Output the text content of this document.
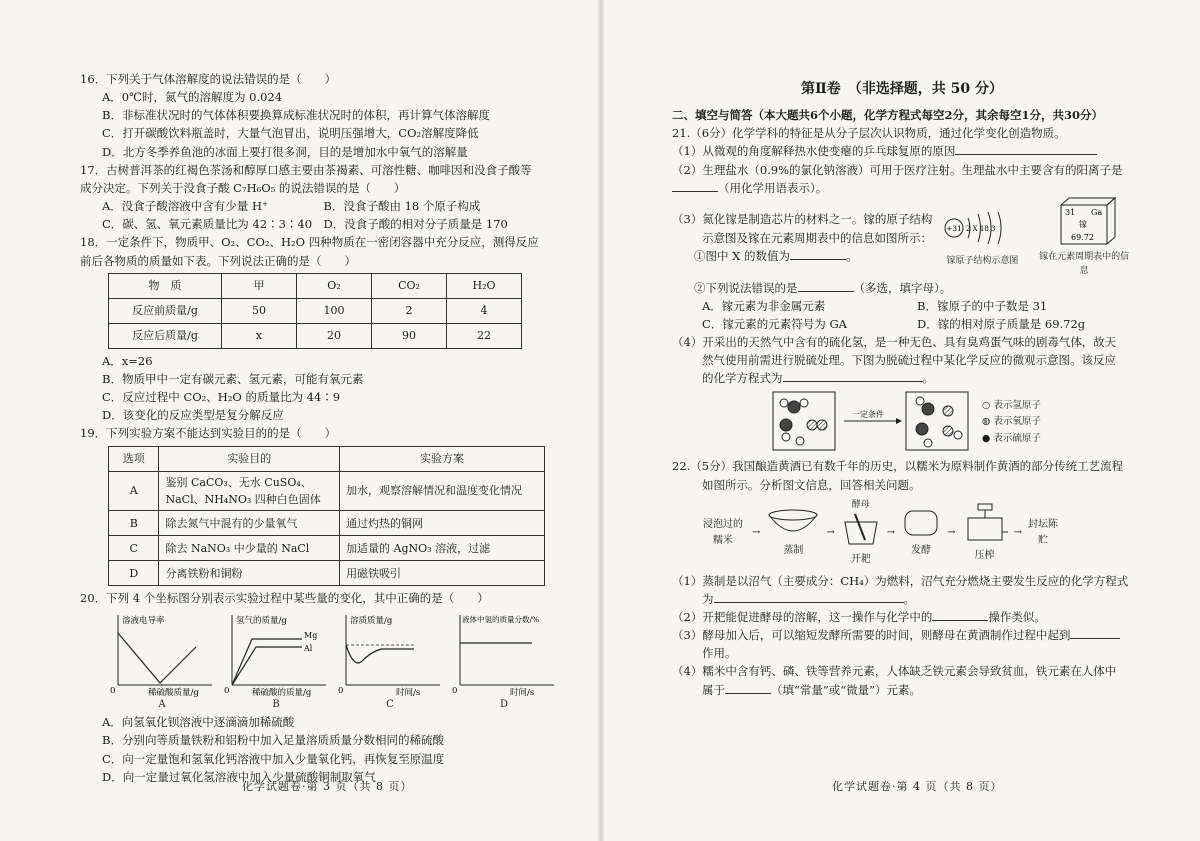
16．下列关于气体溶解度的说法错误的是（　　）

A．0℃时，氮气的溶解度为 0.024

B．非标准状况时的气体体积要换算成标准状况时的体积，再计算气体溶解度

C．打开碳酸饮料瓶盖时，大量气泡冒出，说明压强增大，CO₂溶解度降低

D．北方冬季养鱼池的冰面上要打很多洞，目的是增加水中氧气的溶解量

17．古树普洱茶的红褐色茶汤和醇厚口感主要由茶褐素、可溶性糖、咖啡因和没食子酸等

成分决定。下列关于没食子酸 C₇H₆O₅ 的说法错误的是（　　）

A．没食子酸溶液中含有少量 H⁺	B．没食子酸由 18 个原子构成
C．碳、氢、氧元素质量比为 42∶3∶40 D．没食子酸的相对分子质量是 170

18．一定条件下，物质甲、O₂、CO₂、H₂O 四种物质在一密闭容器中充分反应，测得反应

前后各物质的质量如下表。下列说法正确的是（　　）

物　质	甲	O₂	CO₂	H₂O
反应前质量/g	50	100	2	4
反应后质量/g	x	20	90	22

A．x=26

B．物质甲中一定有碳元素、氢元素，可能有氧元素

C．反应过程中 CO₂、H₂O 的质量比为 44∶9

D．该变化的反应类型是复分解反应

19．下列实验方案不能达到实验目的的是（　　）

选项	实验目的	实验方案
A	鉴别 CaCO₃、无水 CuSO₄、NaCl、NH₄NO₃ 四种白色固体	加水，观察溶解情况和温度变化情况
B	除去氮气中混有的少量氧气	通过灼热的铜网
C	除去 NaNO₃ 中少量的 NaCl	加适量的 AgNO₃ 溶液，过滤
D	分离铁粉和铜粉	用磁铁吸引

20．下列 4 个坐标图分别表示实验过程中某些量的变化，其中正确的是（　　）

溶液电导率
0	稀硫酸质量/g
A
氢气的质量/g
Mg
Al
0	稀硫酸的质量/g
B
溶质质量/g
0	时间/s
C
液体中氢的质量分数/%
0	时间/s
D

A．向氢氧化钡溶液中逐滴滴加稀硫酸

B．分别向等质量铁粉和铝粉中加入足量溶质质量分数相同的稀硫酸

C．向一定量饱和氢氧化钙溶液中加入少量氧化钙，再恢复至原温度

D．向一定量过氧化氢溶液中加入少量硫酸铜制取氧气

化学试题卷·第 3 页（共 8 页）

第Ⅱ卷　（非选择题，共 50 分）

二、填空与简答（本大题共6个小题，化学方程式每空2分，其余每空1分，共30分）

21.（6分）化学学科的特征是从分子层次认识物质，通过化学变化创造物质。

（1）从微观的角度解释热水使变瘪的乒乓球复原的原因

（2）生理盐水（0.9%的氯化钠溶液）可用于医疗注射。生理盐水中主要含有的阳离子是

（用化学用语表示）。

（3）氮化镓是制造芯片的材料之一。镓的原子结构

示意图及镓在元素周期表中的信息如图所示：

①图中 X 的数值为	。

+31 2 X 18 3
镓原子结构示意图
31 Ga
镓
69.72
镓在元素周期表中的信息

②下列说法错误的是	（多选，填字母）。

A．镓元素为非金属元素	B．镓原子的中子数是 31
C．镓元素的元素符号为 GA	D．镓的相对原子质量是 69.72g

（4）开采出的天然气中含有的硫化氢，是一种无色、具有臭鸡蛋气味的剧毒气体，故天

然气使用前需进行脱硫处理。下图为脱硫过程中某化学反应的微观示意图。该反应

的化学方程式为	。

一定条件

○ 表示氢原子

◍ 表示氧原子

● 表示硫原子

22.（5分）我国酿造黄酒已有数千年的历史，以糯米为原料制作黄酒的部分传统工艺流程

如图所示。分析图文信息，回答相关问题。

浸泡过的糯米
→
蒸制
→
酵母
开耙
→
发酵
→
压榨
→
封坛陈贮

（1）蒸制是以沼气（主要成分：CH₄）为燃料，沼气充分燃烧主要发生反应的化学方程式

为	。

（2）开耙能促进酵母的溶解，这一操作与化学中的	操作类似。

（3）酵母加入后，可以缩短发酵所需要的时间，则酵母在黄酒制作过程中起到

作用。

（4）糯米中含有钙、磷、铁等营养元素，人体缺乏铁元素会导致贫血，铁元素在人体中

属于	（填“常量”或“微量”）元素。

化学试题卷·第 4 页（共 8 页）
